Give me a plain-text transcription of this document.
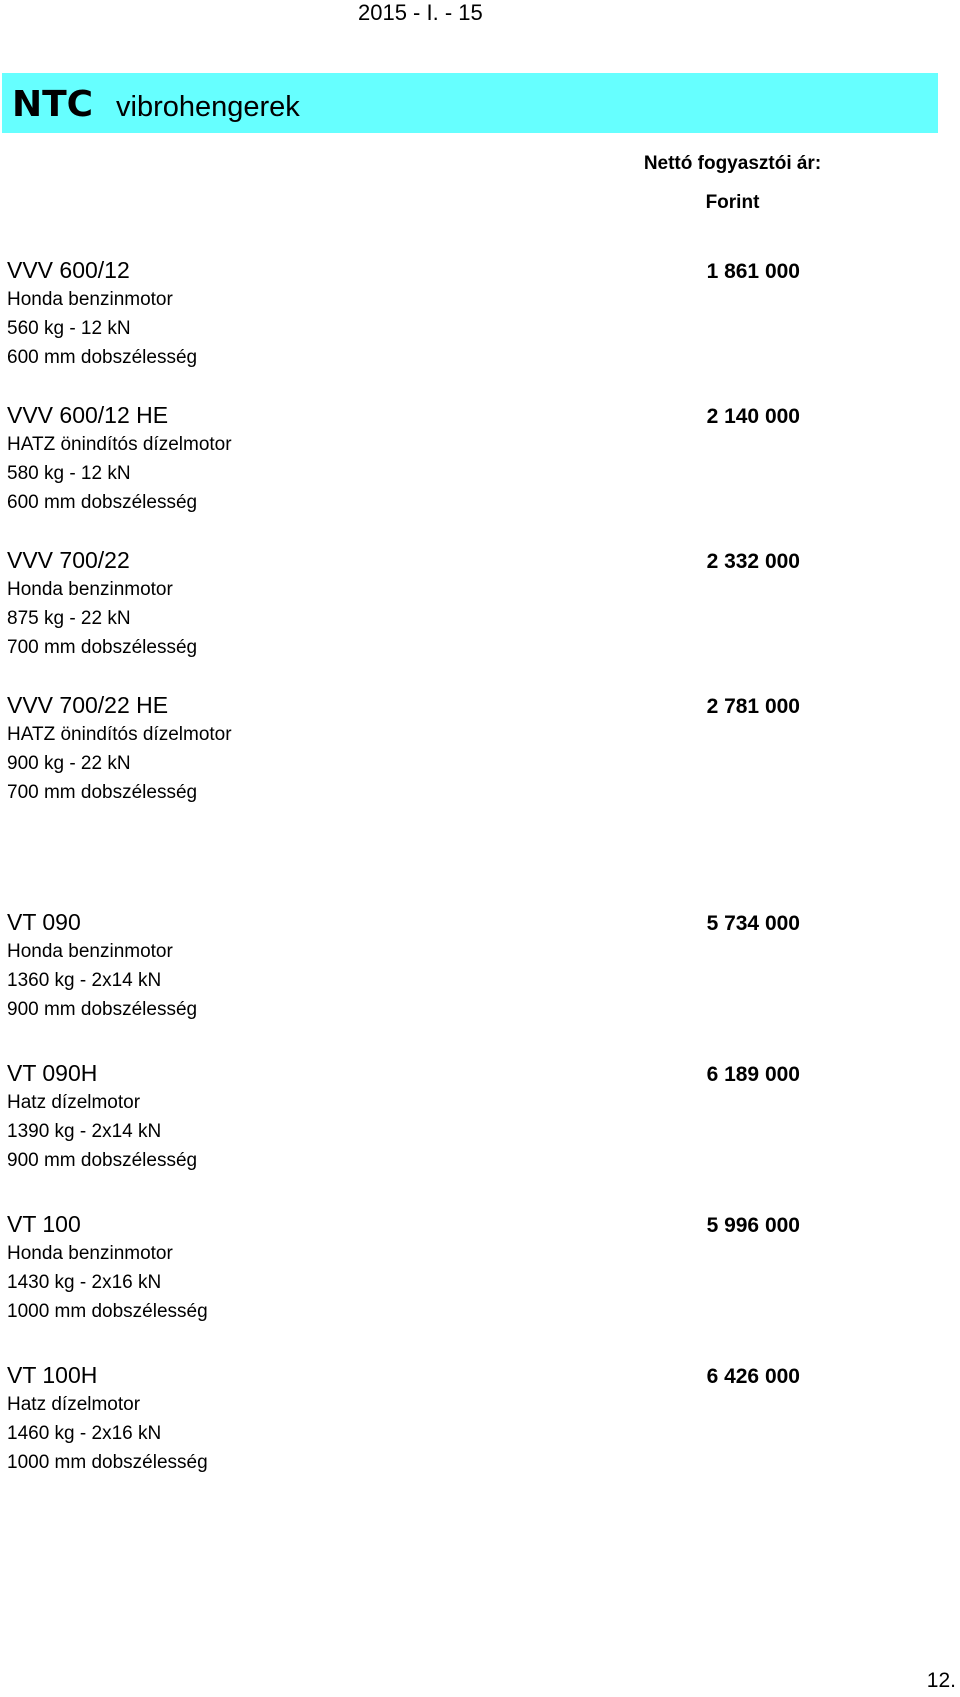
2015 - I. - 15
NTC vibrohengerek
Nettó fogyasztói ár:
Forint
VVV 600/12
Honda benzinmotor
560 kg - 12 kN
600 mm dobszélesség
1 861 000
VVV 600/12 HE
HATZ önindítós dízelmotor
580 kg - 12 kN
600 mm dobszélesség
2 140 000
VVV 700/22
Honda benzinmotor
875 kg - 22 kN
700 mm dobszélesség
2 332 000
VVV 700/22 HE
HATZ önindítós dízelmotor
900 kg - 22 kN
700 mm dobszélesség
2 781 000
VT 090
Honda benzinmotor
1360 kg - 2x14 kN
900 mm dobszélesség
5 734 000
VT 090H
Hatz dízelmotor
1390 kg - 2x14 kN
900 mm dobszélesség
6 189 000
VT 100
Honda benzinmotor
1430 kg - 2x16 kN
1000 mm dobszélesség
5 996 000
VT 100H
Hatz dízelmotor
1460 kg - 2x16 kN
1000 mm dobszélesség
6 426 000
12.
